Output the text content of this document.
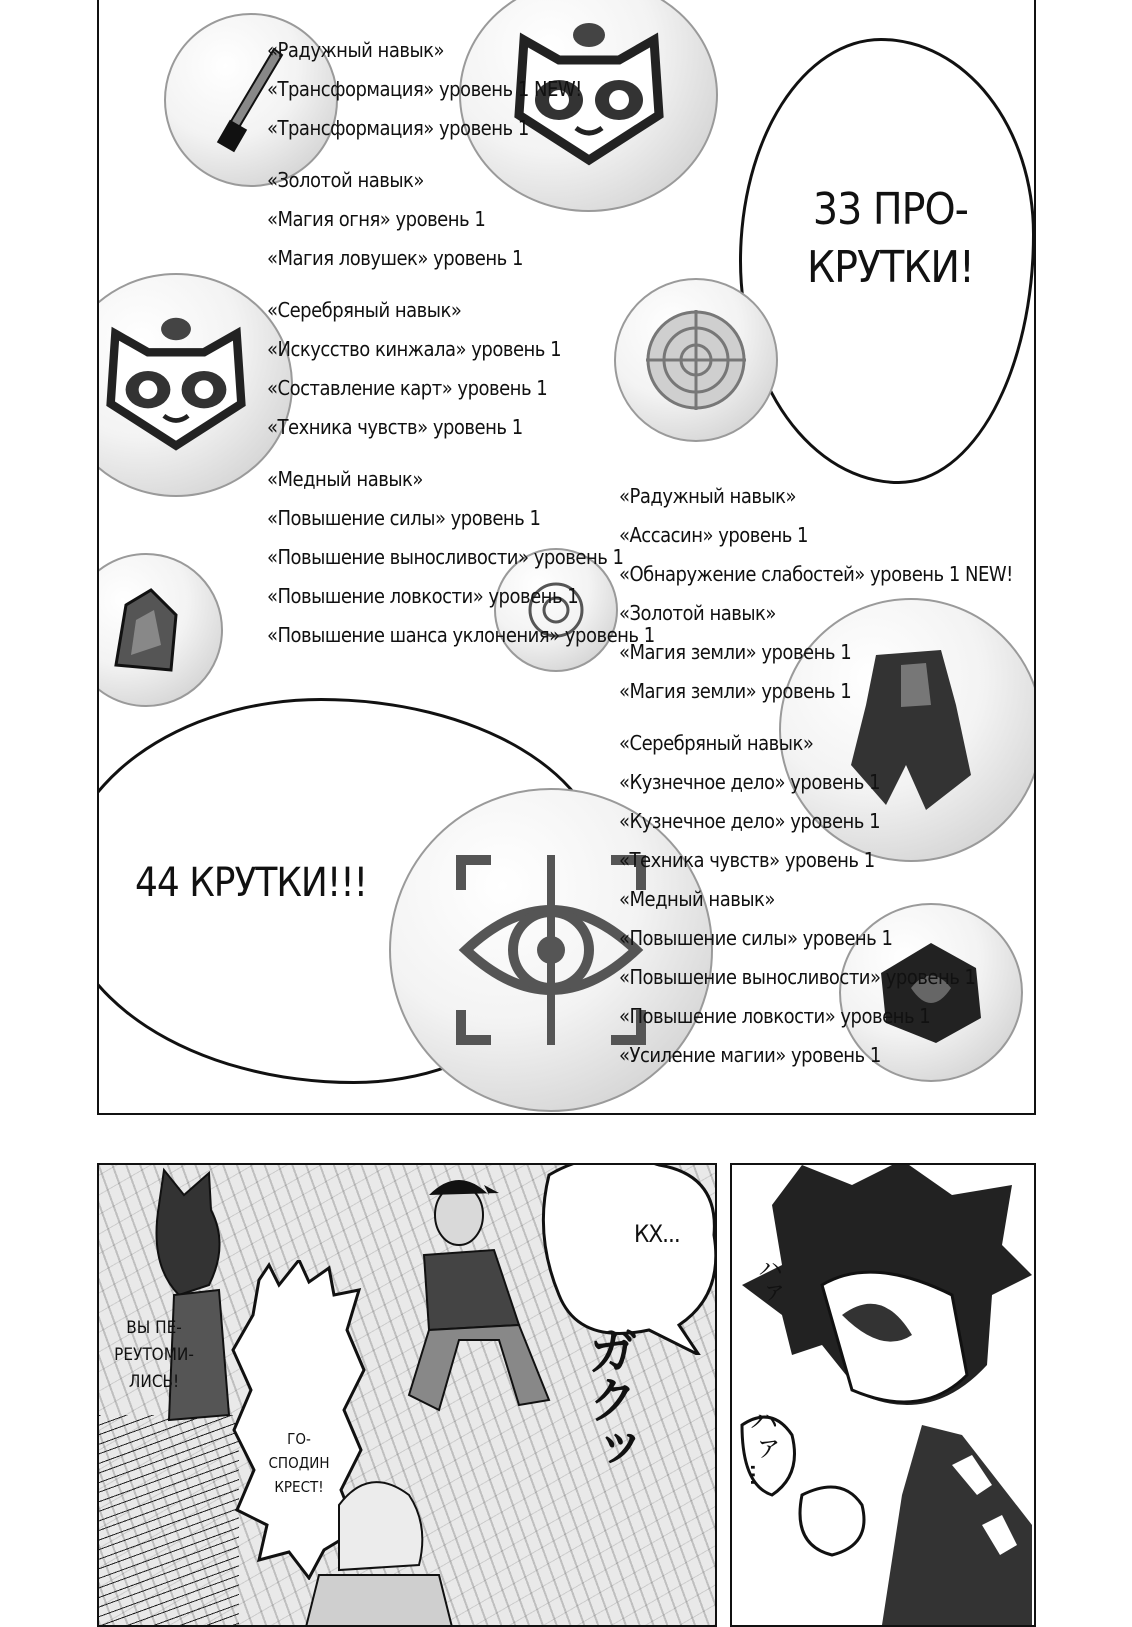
«Радужный навык»
«Трансформация» уровень 1 NEW!
«Трансформация» уровень 1
«Золотой навык»
«Магия огня» уровень 1
«Магия ловушек» уровень 1
«Серебряный навык»
«Искусство кинжала» уровень 1
«Составление карт» уровень 1
«Техника чувств» уровень 1
«Медный навык»
«Повышение силы» уровень 1
«Повышение выносливости» уровень 1
«Повышение ловкости» уровень 1
«Повышение шанса уклонения» уровень 1
«Радужный навык»
«Ассасин» уровень 1
«Обнаружение слабостей» уровень 1 NEW!
«Золотой навык»
«Магия земли» уровень 1
«Магия земли» уровень 1
«Серебряный навык»
«Кузнечное дело» уровень 1
«Кузнечное дело» уровень 1
«Техника чувств» уровень 1
«Медный навык»
«Повышение силы» уровень 1
«Повышение выносливости» уровень 1
«Повышение ловкости» уровень 1
«Усиление магии» уровень 1
33 ПРО-
КРУТКИ!
44 КРУТКИ!!!
ВЫ ПЕ-
РЕУТОМИ-
ЛИСЬ!
ГО-
СПОДИН
КРЕСТ!
КХ...
ガクッ
ハァ
ハァ...
